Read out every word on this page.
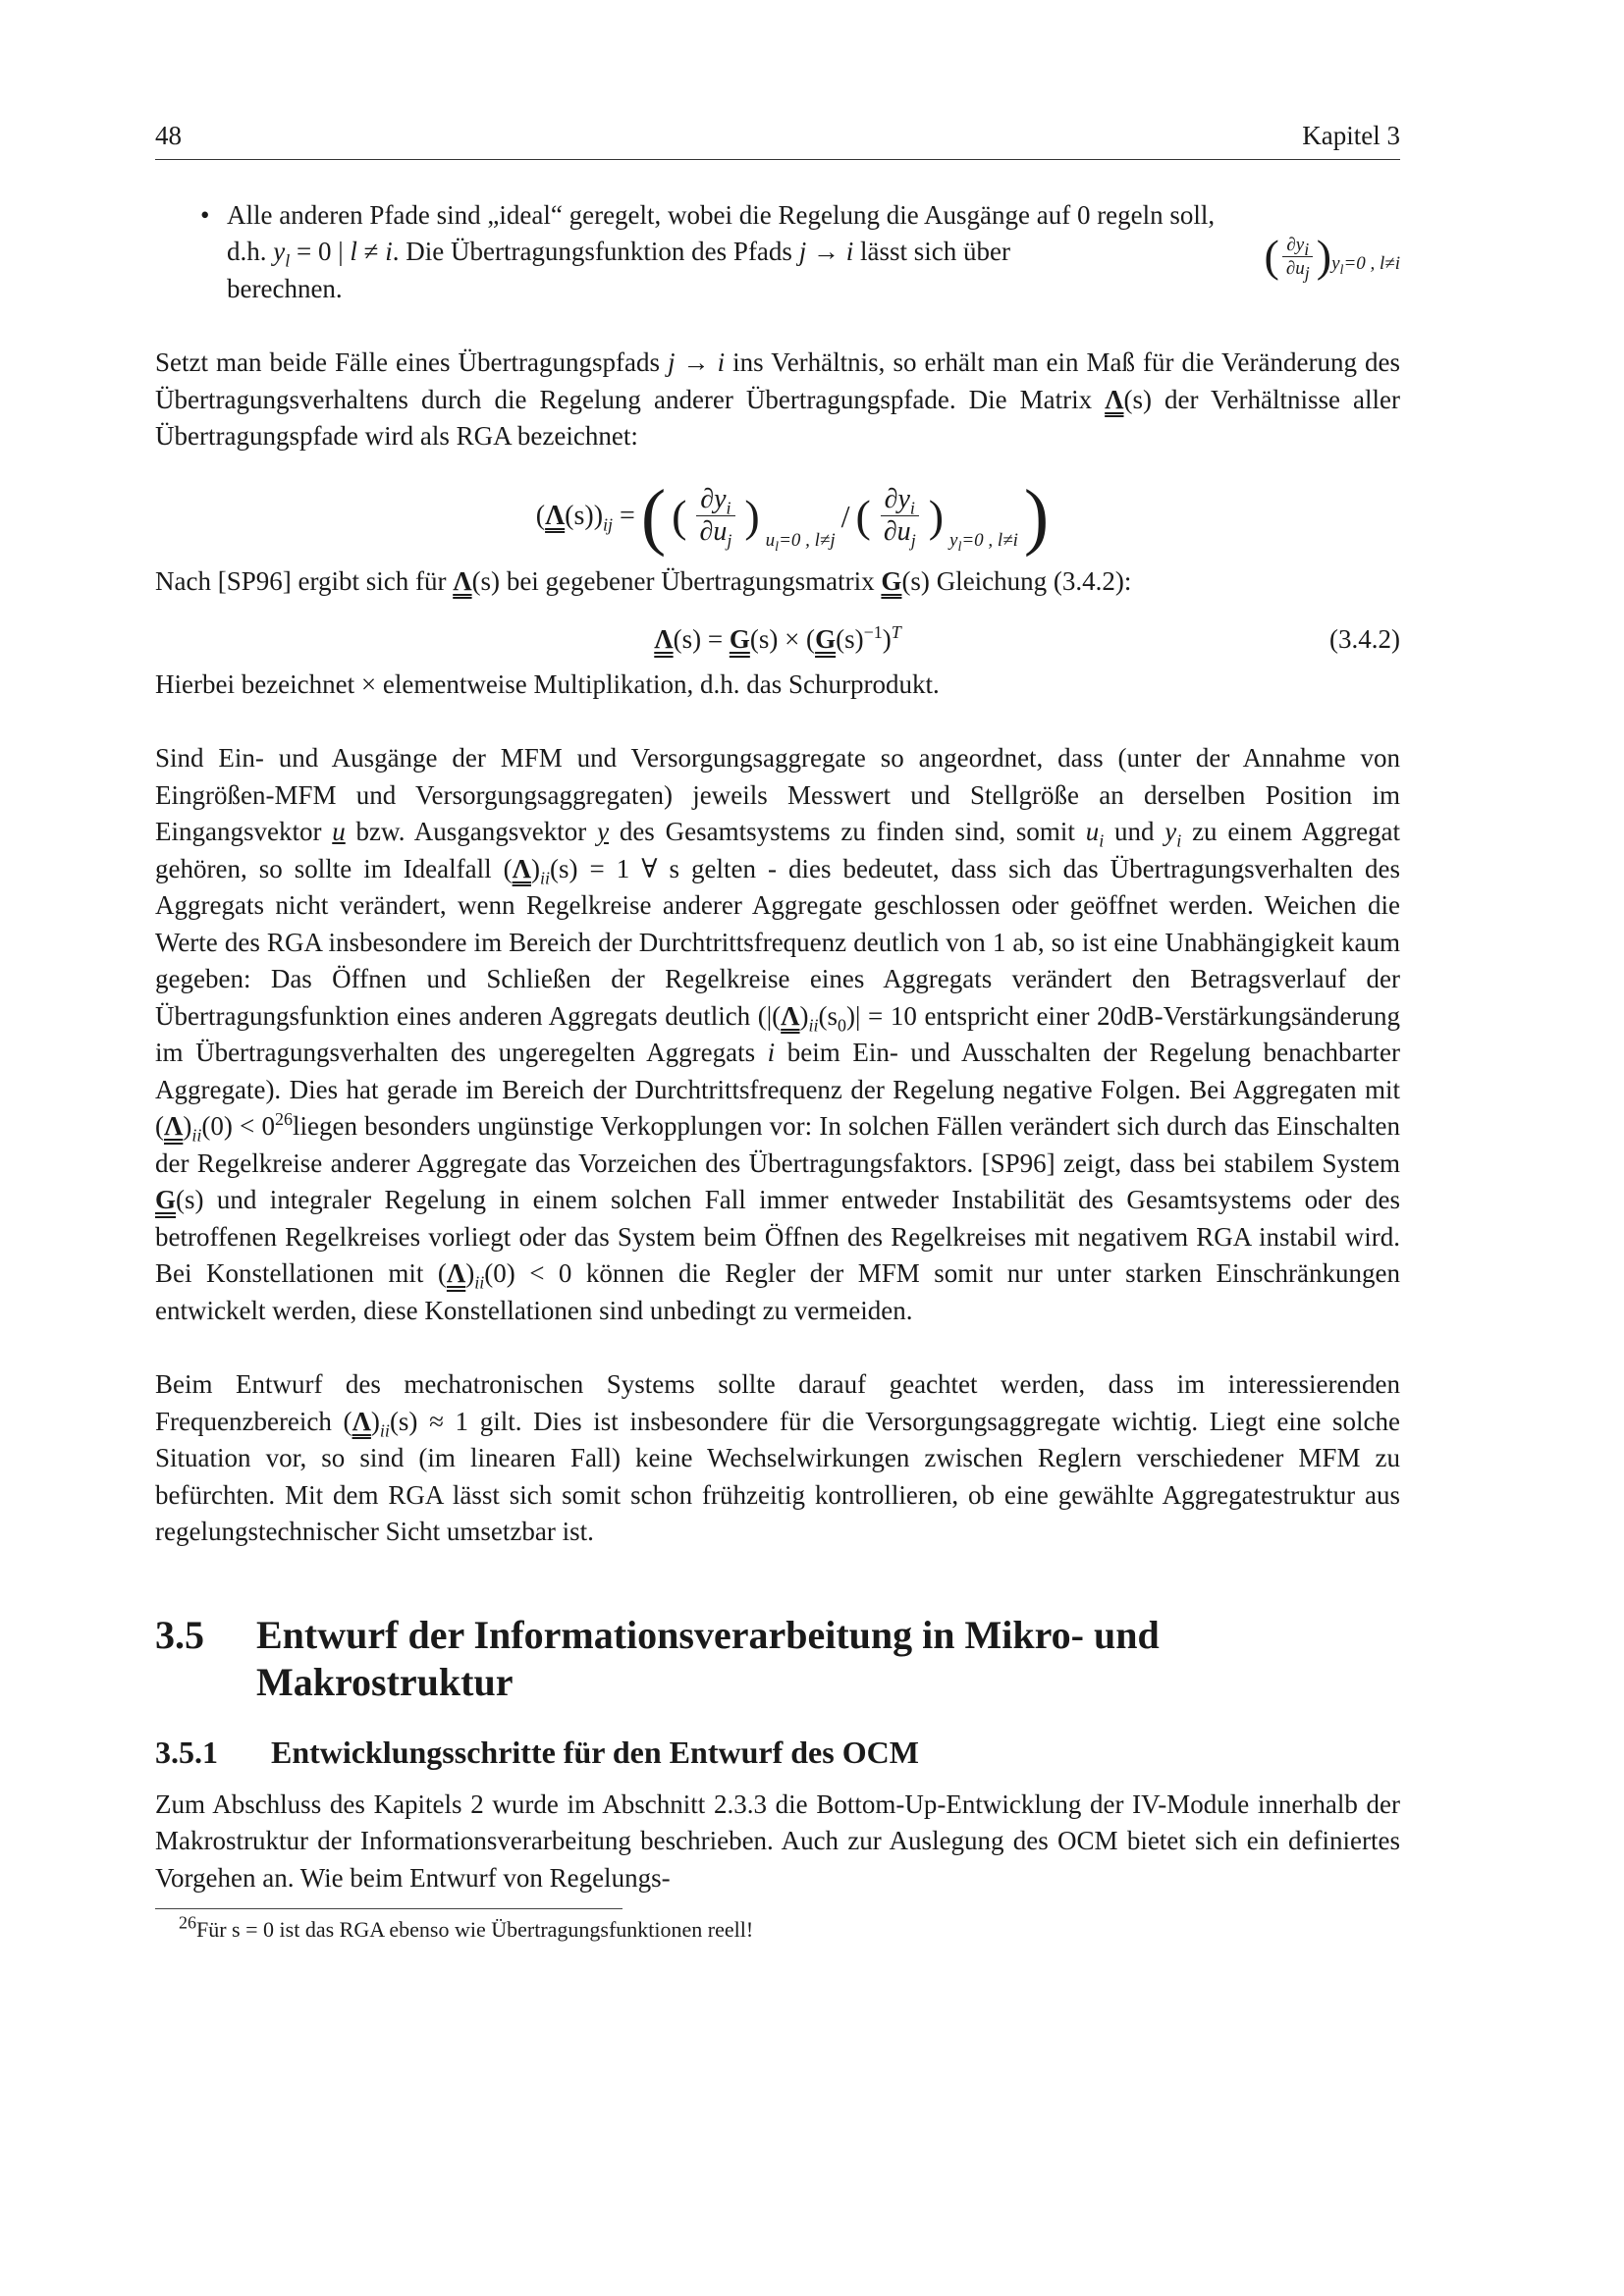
48	Kapitel 3
• Alle anderen Pfade sind „ideal“ geregelt, wobei die Regelung die Ausgänge auf 0 regeln soll,
d.h. $y_l = 0$ | l ≠ i. Die Übertragungsfunktion des Pfads j → i lässt sich über	( $\frac{\partial y_i}{\partial u_j} )_{y_l=0 , l\ne i}$

berechnen.

Setzt man beide Fälle eines Übertragungspfads j → i ins Verhältnis, so erhält man ein Maß für die Veränderung des Übertragungsverhaltens durch die Regelung anderer Übertragungspfade. Die Matrix Λ(s) der Verhältnisse aller Übertragungspfade wird als RGA bezeichnet:

$(\Lambda(s))_{ij}$ = ( ( $\frac{\partial y_i}{\partial u_j}$ ) $u_l=0$ , l≠j
/ ( $\frac{\partial y_i}{\partial u_j}$ ) $y_l=0$ , l≠i )

Nach [SP96] ergibt sich für Λ(s) bei gegebener Übertragungsmatrix G(s) Gleichung (3.4.2):

$\Lambda(s) = G(s) \times (G(s)^{-1})^T$	(3.4.2)

Hierbei bezeichnet × elementweise Multiplikation, d.h. das Schurprodukt.

Sind Ein- und Ausgänge der MFM und Versorgungsaggregate so angeordnet, dass (unter der Annahme von Eingrößen-MFM und Versorgungsaggregaten) jeweils Messwert und Stellgröße an derselben Position im Eingangsvektor u bzw. Ausgangsvektor y des Gesamtsystems zu finden sind, somit $u_i$ und $y_i$ zu einem Aggregat gehören, so sollte im Idealfall $(\Lambda)_{ii}(s) = 1$ ∀ s gelten - dies bedeutet, dass sich das Übertragungsverhalten des Aggregats nicht verändert, wenn Regelkreise anderer Aggregate geschlossen oder geöffnet werden. Weichen die Werte des RGA insbesondere im Bereich der Durchtrittsfrequenz deutlich von 1 ab, so ist eine Unabhängigkeit kaum gegeben: Das Öffnen und Schließen der Regelkreise eines Aggregats verändert den Betragsverlauf der Übertragungsfunktion eines anderen Aggregats deutlich ($|(\Lambda)_{ii}(s_0)| = 10$ entspricht einer 20dB-Verstärkungsänderung im Übertragungsverhalten des ungeregelten Aggregats i beim Ein- und Ausschalten der Regelung benachbarter Aggregate). Dies hat gerade im Bereich der Durchtrittsfrequenz der Regelung negative Folgen. Bei Aggregaten mit $(\Lambda)_{ii}(0)$ < $0^{26}liegen$ besonders ungünstige Verkopplungen vor: In solchen Fällen verändert sich durch das Einschalten der Regelkreise anderer Aggregate das Vorzeichen des Übertragungsfaktors. [SP96] zeigt, dass bei stabilem System G(s) und integraler Regelung in einem solchen Fall immer entweder Instabilität des Gesamtsystems oder des betroffenen Regelkreises vorliegt oder das System beim Öffnen des Regelkreises mit negativem RGA instabil wird. Bei Konstellationen mit $(\Lambda)_{ii}(0) < 0$ können die Regler der MFM somit nur unter starken Einschränkungen entwickelt werden, diese Konstellationen sind unbedingt zu vermeiden.

Beim Entwurf des mechatronischen Systems sollte darauf geachtet werden, dass im interessierenden Frequenzbereich $(\Lambda)_{ii}(s) \approx 1$ gilt. Dies ist insbesondere für die Versorgungsaggregate wichtig. Liegt eine solche Situation vor, so sind (im linearen Fall) keine Wechselwirkungen zwischen Reglern verschiedener MFM zu befürchten. Mit dem RGA lässt sich somit schon frühzeitig kontrollieren, ob eine gewählte Aggregatestruktur aus regelungstechnischer Sicht umsetzbar ist.

3.5	Entwurf der Informationsverarbeitung in Mikro- und Makrostruktur
3.5.1	Entwicklungsschritte für den Entwurf des OCM

Zum Abschluss des Kapitels 2 wurde im Abschnitt 2.3.3 die Bottom-Up-Entwicklung der IV-Module innerhalb der Makrostruktur der Informationsverarbeitung beschrieben. Auch zur Auslegung des OCM bietet sich ein definiertes Vorgehen an. Wie beim Entwurf von Regelungs-

$^{26}$Für s = 0 ist das RGA ebenso wie Übertragungsfunktionen reell!
